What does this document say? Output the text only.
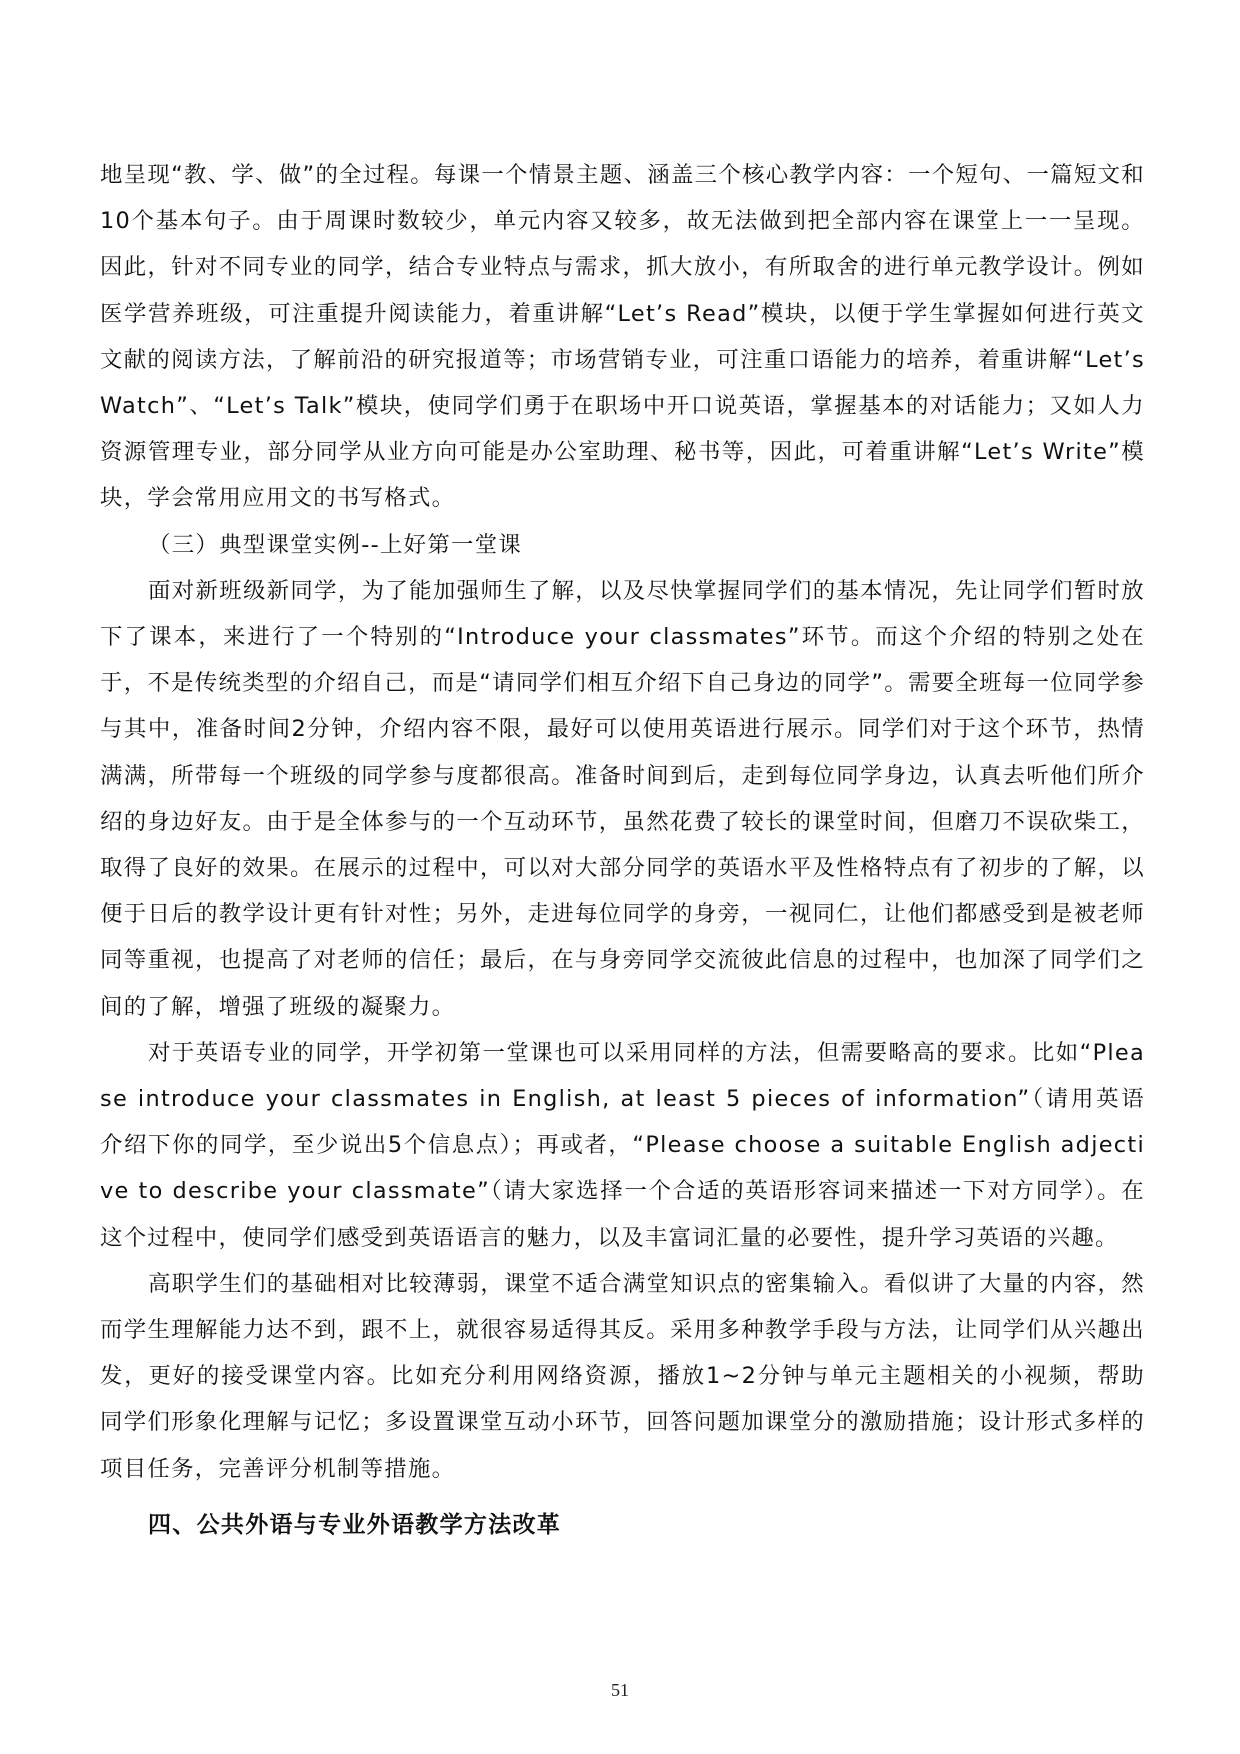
地呈现“教、学、做”的全过程。每课一个情景主题、涵盖三个核心教学内容：一个短句、一篇短文和10个基本句子。由于周课时数较少，单元内容又较多，故无法做到把全部内容在课堂上一一呈现。因此，针对不同专业的同学，结合专业特点与需求，抓大放小，有所取舍的进行单元教学设计。例如医学营养班级，可注重提升阅读能力，着重讲解“Let’s Read”模块，以便于学生掌握如何进行英文文献的阅读方法，了解前沿的研究报道等；市场营销专业，可注重口语能力的培养，着重讲解“Let’s Watch”、“Let’s Talk”模块，使同学们勇于在职场中开口说英语，掌握基本的对话能力；又如人力资源管理专业，部分同学从业方向可能是办公室助理、秘书等，因此，可着重讲解“Let’s Write”模块，学会常用应用文的书写格式。

（三）典型课堂实例--上好第一堂课

面对新班级新同学，为了能加强师生了解，以及尽快掌握同学们的基本情况，先让同学们暂时放下了课本，来进行了一个特别的“Introduce your classmates”环节。而这个介绍的特别之处在于，不是传统类型的介绍自己，而是“请同学们相互介绍下自己身边的同学”。需要全班每一位同学参与其中，准备时间2分钟，介绍内容不限，最好可以使用英语进行展示。同学们对于这个环节，热情满满，所带每一个班级的同学参与度都很高。准备时间到后，走到每位同学身边，认真去听他们所介绍的身边好友。由于是全体参与的一个互动环节，虽然花费了较长的课堂时间，但磨刀不误砍柴工，取得了良好的效果。在展示的过程中，可以对大部分同学的英语水平及性格特点有了初步的了解，以便于日后的教学设计更有针对性；另外，走进每位同学的身旁，一视同仁，让他们都感受到是被老师同等重视，也提高了对老师的信任；最后，在与身旁同学交流彼此信息的过程中，也加深了同学们之间的了解，增强了班级的凝聚力。

对于英语专业的同学，开学初第一堂课也可以采用同样的方法，但需要略高的要求。比如“Please introduce your classmates in English, at least 5 pieces of information”（请用英语介绍下你的同学，至少说出5个信息点）；再或者，“Please choose a suitable English adjective to describe your classmate”（请大家选择一个合适的英语形容词来描述一下对方同学）。在这个过程中，使同学们感受到英语语言的魅力，以及丰富词汇量的必要性，提升学习英语的兴趣。

高职学生们的基础相对比较薄弱，课堂不适合满堂知识点的密集输入。看似讲了大量的内容，然而学生理解能力达不到，跟不上，就很容易适得其反。采用多种教学手段与方法，让同学们从兴趣出发，更好的接受课堂内容。比如充分利用网络资源，播放1~2分钟与单元主题相关的小视频，帮助同学们形象化理解与记忆；多设置课堂互动小环节，回答问题加课堂分的激励措施；设计形式多样的项目任务，完善评分机制等措施。

四、公共外语与专业外语教学方法改革
51
